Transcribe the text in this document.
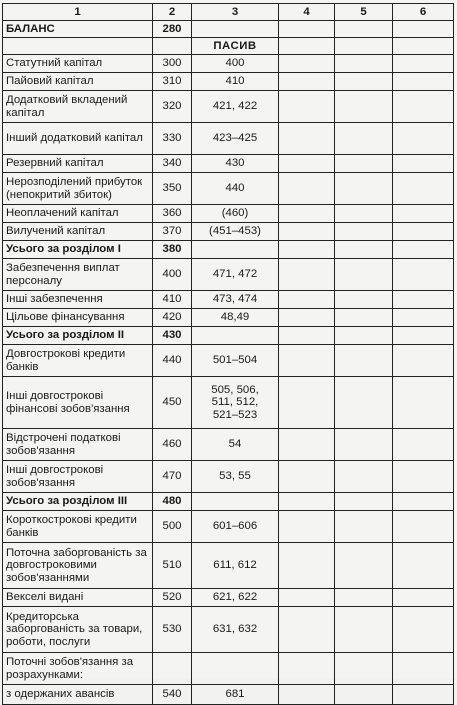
1	2	3	4	5	6
БАЛАНС	280				
		ПАСИВ			
Статутний капітал	300	400			

Пайовий капітал	310	410			

Додатковий вкладений капітал	320	421, 422			

Інший додатковий капітал	330	423–425			

Резервний капітал	340	430			

Нерозподілений прибуток (непокритий збиток)	350	440			

Неоплачений капітал	360	(460)			

Вилучений капітал	370	(451–453)			

Усього за розділом І	380	

Забезпечення виплат персоналу	400	471, 472			

Інші забезпечення	410	473, 474			

Цільове фінансування	420	48,49			

Усього за розділом II	430	

Довгострокові кредити банків	440	501–504			

Інші довгострокові фінансові зобов'язання	450	505, 506,
511, 512,
521–523			

Відстрочені податкові зобов'язання	460	54			

Інші довгострокові зобов'язання	470	53, 55			

Усього за розділом III	480	

Короткострокові кредити банків	500	601–606			

Поточна заборгованість за довгостроковими зобов'язаннями	510	611, 612			

Векселі видані	520	621, 622			

Кредиторська заборгованість за товари, роботи, послуги	530	631, 632			

Поточні зобов'язання за розрахунками:		

з одержаних авансів	540	681			
